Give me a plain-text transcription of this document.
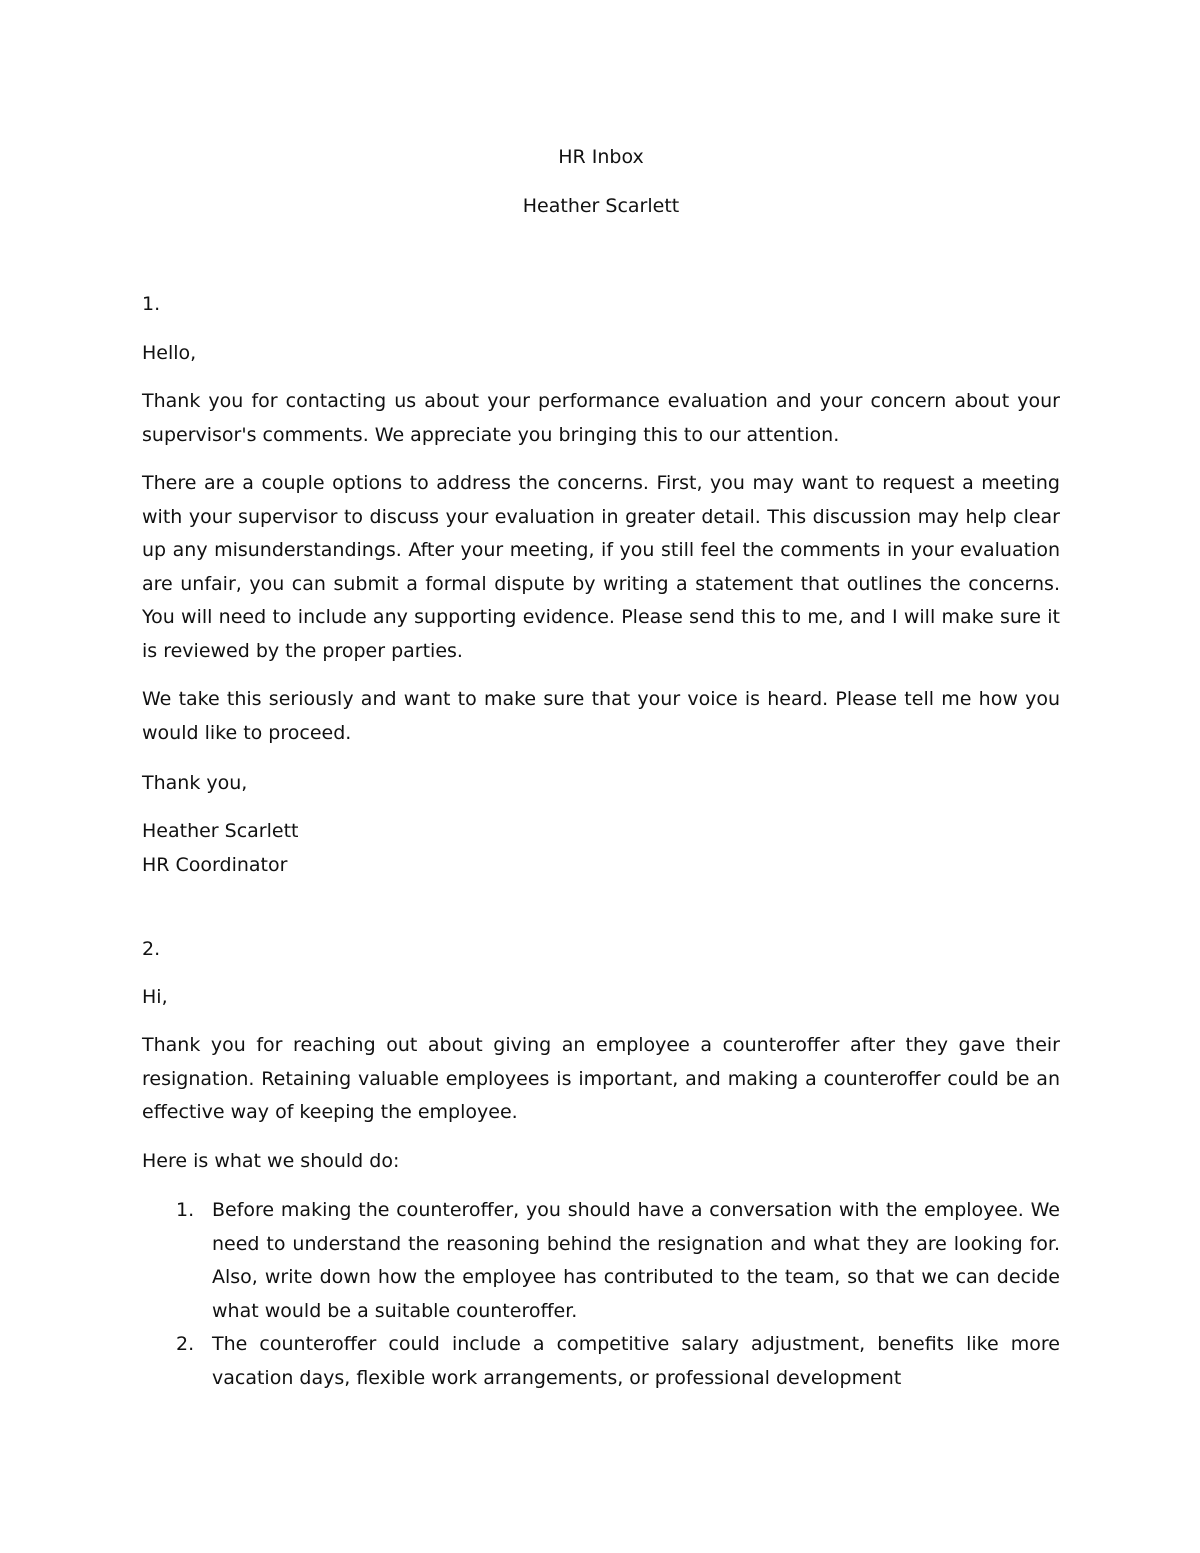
HR Inbox
Heather Scarlett
1.
Hello,

Thank you for contacting us about your performance evaluation and your concern about your supervisor's comments. We appreciate you bringing this to our attention.

There are a couple options to address the concerns. First, you may want to request a meeting with your supervisor to discuss your evaluation in greater detail. This discussion may help clear up any misunderstandings. After your meeting, if you still feel the comments in your evaluation are unfair, you can submit a formal dispute by writing a statement that outlines the concerns. You will need to include any supporting evidence. Please send this to me, and I will make sure it is reviewed by the proper parties.

We take this seriously and want to make sure that your voice is heard. Please tell me how you would like to proceed.

Thank you,
Heather Scarlett
HR Coordinator
2.
Hi,

Thank you for reaching out about giving an employee a counteroffer after they gave their resignation. Retaining valuable employees is important, and making a counteroffer could be an effective way of keeping the employee.

Here is what we should do:

1. Before making the counteroffer, you should have a conversation with the employee. We need to understand the reasoning behind the resignation and what they are looking for. Also, write down how the employee has contributed to the team, so that we can decide what would be a suitable counteroffer.
2. The counteroffer could include a competitive salary adjustment, benefits like more vacation days, flexible work arrangements, or professional development
